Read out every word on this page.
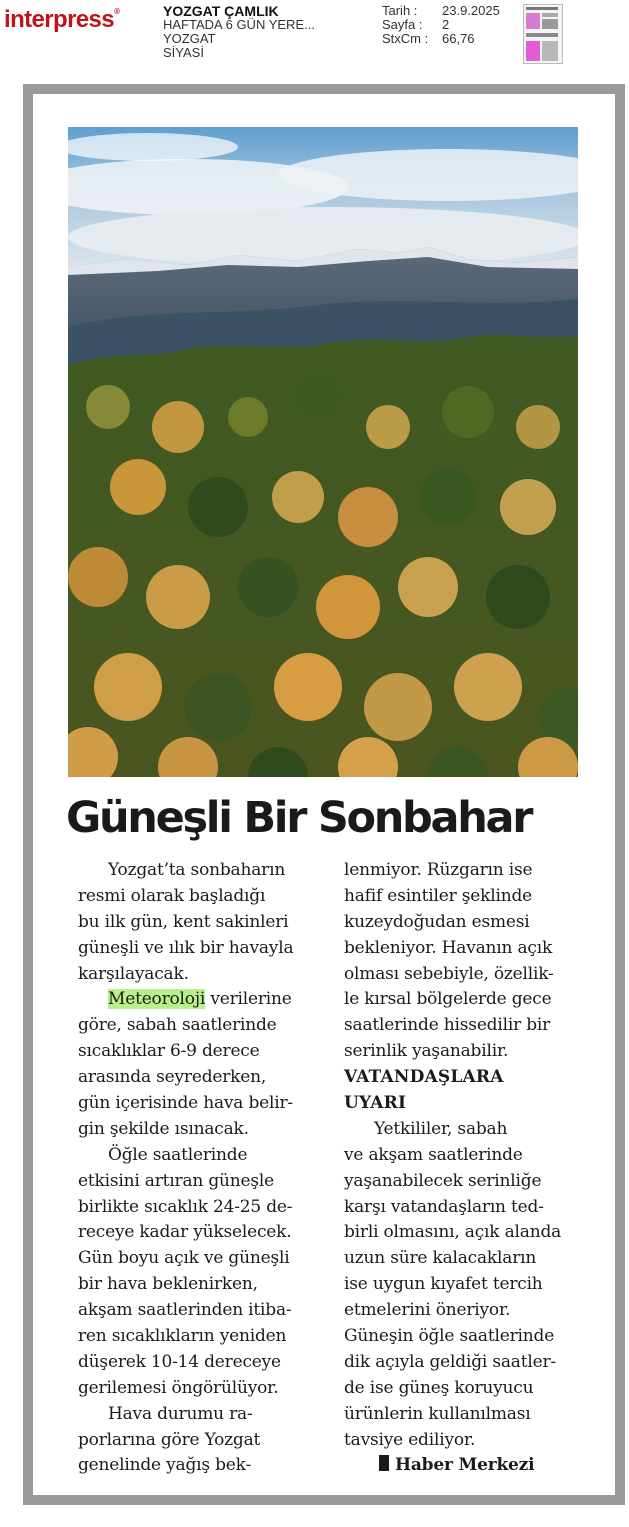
interpress®	YOZGAT ÇAMLIK
HAFTADA 6 GÜN YERE...
YOZGAT
SİYASİ
Tarih :	23.9.2025
Sayfa :	2
StxCm :	66,76
Güneşli Bir Sonbahar
Yozgat’ta sonbaharın
resmi olarak başladığı
bu ilk gün, kent sakinleri
güneşli ve ılık bir havayla
karşılayacak.
Meteoroloji verilerine
göre, sabah saatlerinde
sıcaklıklar 6-9 derece
arasında seyrederken,
gün içerisinde hava belir-
gin şekilde ısınacak.
Öğle saatlerinde
etkisini artıran güneşle
birlikte sıcaklık 24-25 de-
receye kadar yükselecek.
Gün boyu açık ve güneşli
bir hava beklenirken,
akşam saatlerinden itiba-
ren sıcaklıkların yeniden
düşerek 10-14 dereceye
gerilemesi öngörülüyor.
Hava durumu ra-
porlarına göre Yozgat
genelinde yağış bek-
lenmiyor. Rüzgarın ise
hafif esintiler şeklinde
kuzeydoğudan esmesi
bekleniyor. Havanın açık
olması sebebiyle, özellik-
le kırsal bölgelerde gece
saatlerinde hissedilir bir
serinlik yaşanabilir.
VATANDAŞLARA
UYARI
Yetkililer, sabah
ve akşam saatlerinde
yaşanabilecek serinliğe
karşı vatandaşların ted-
birli olmasını, açık alanda
uzun süre kalacakların
ise uygun kıyafet tercih
etmelerini öneriyor.
Güneşin öğle saatlerinde
dik açıyla geldiği saatler-
de ise güneş koruyucu
ürünlerin kullanılması
tavsiye ediliyor.
Haber Merkezi
